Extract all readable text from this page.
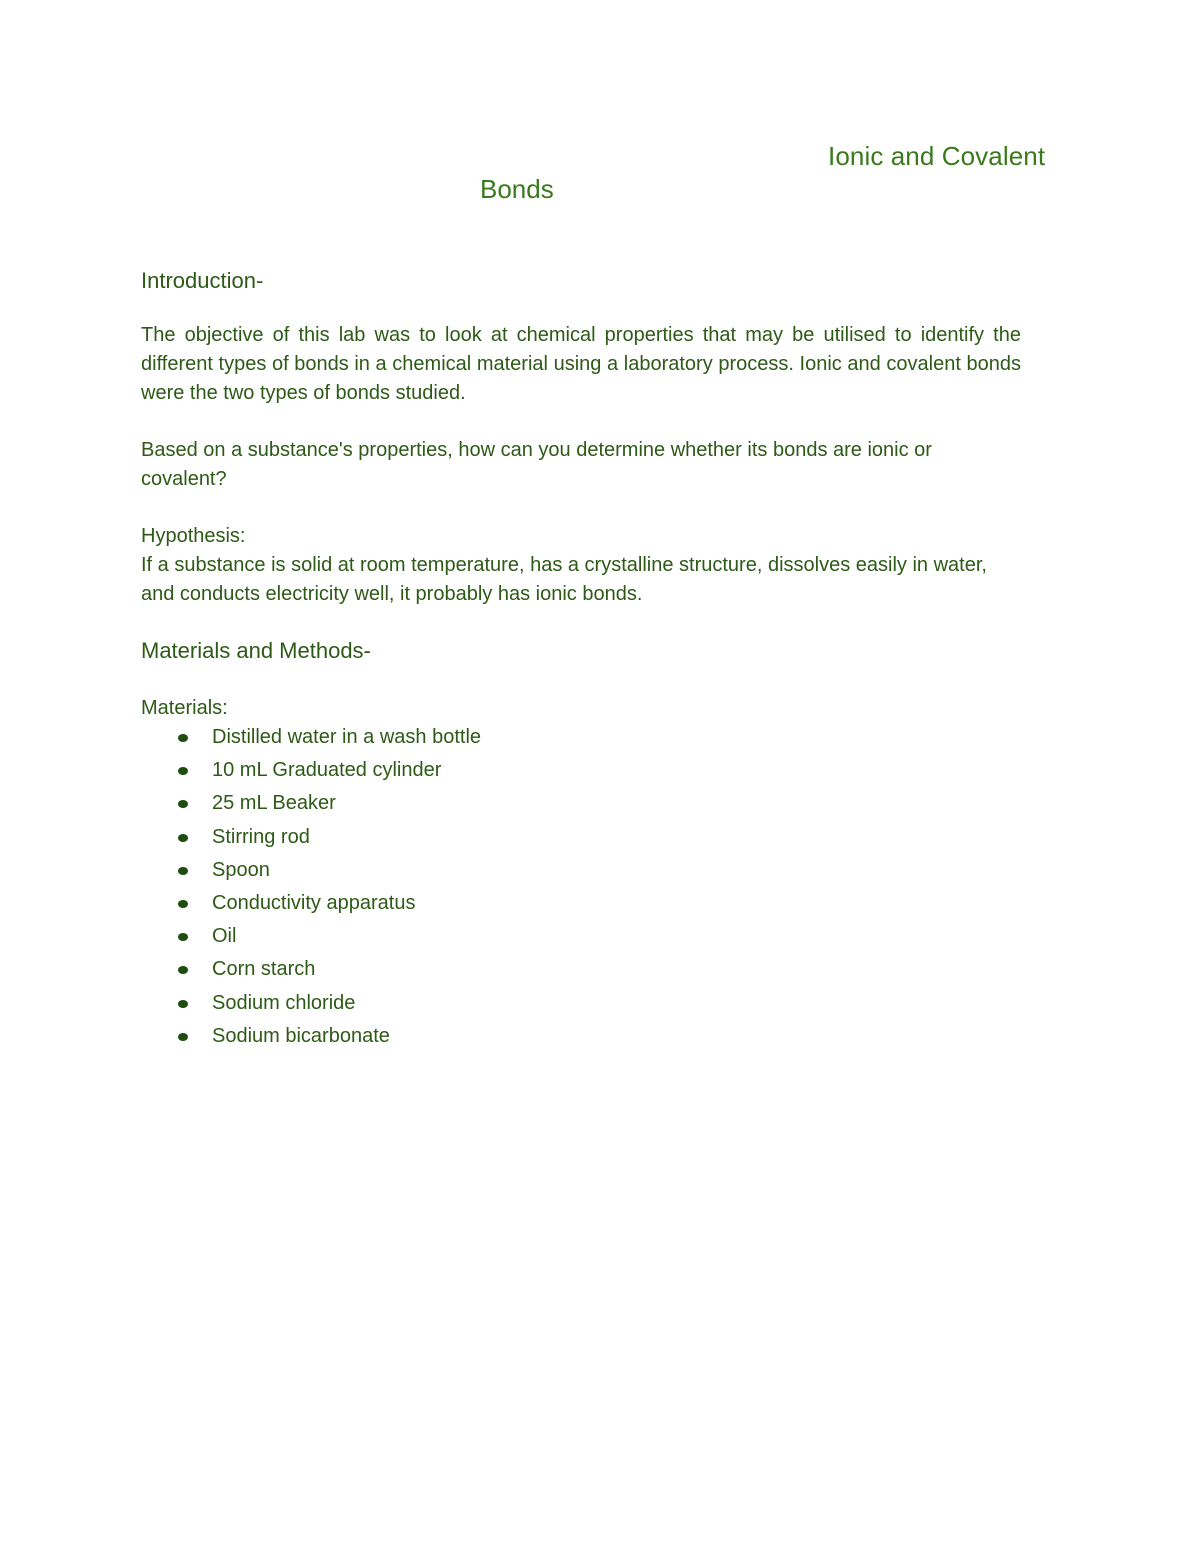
Ionic and Covalent
Bonds

Introduction-

The objective of this lab was to look at chemical properties that may be utilised to identify the different types of bonds in a chemical material using a laboratory process. Ionic and covalent bonds were the two types of bonds studied.

Based on a substance's properties, how can you determine whether its bonds are ionic or covalent?

Hypothesis:

If a substance is solid at room temperature, has a crystalline structure, dissolves easily in water, and conducts electricity well, it probably has ionic bonds.

Materials and Methods-

Materials:

Distilled water in a wash bottle
10 mL Graduated cylinder
25 mL Beaker
Stirring rod
Spoon
Conductivity apparatus
Oil
Corn starch
Sodium chloride
Sodium bicarbonate
